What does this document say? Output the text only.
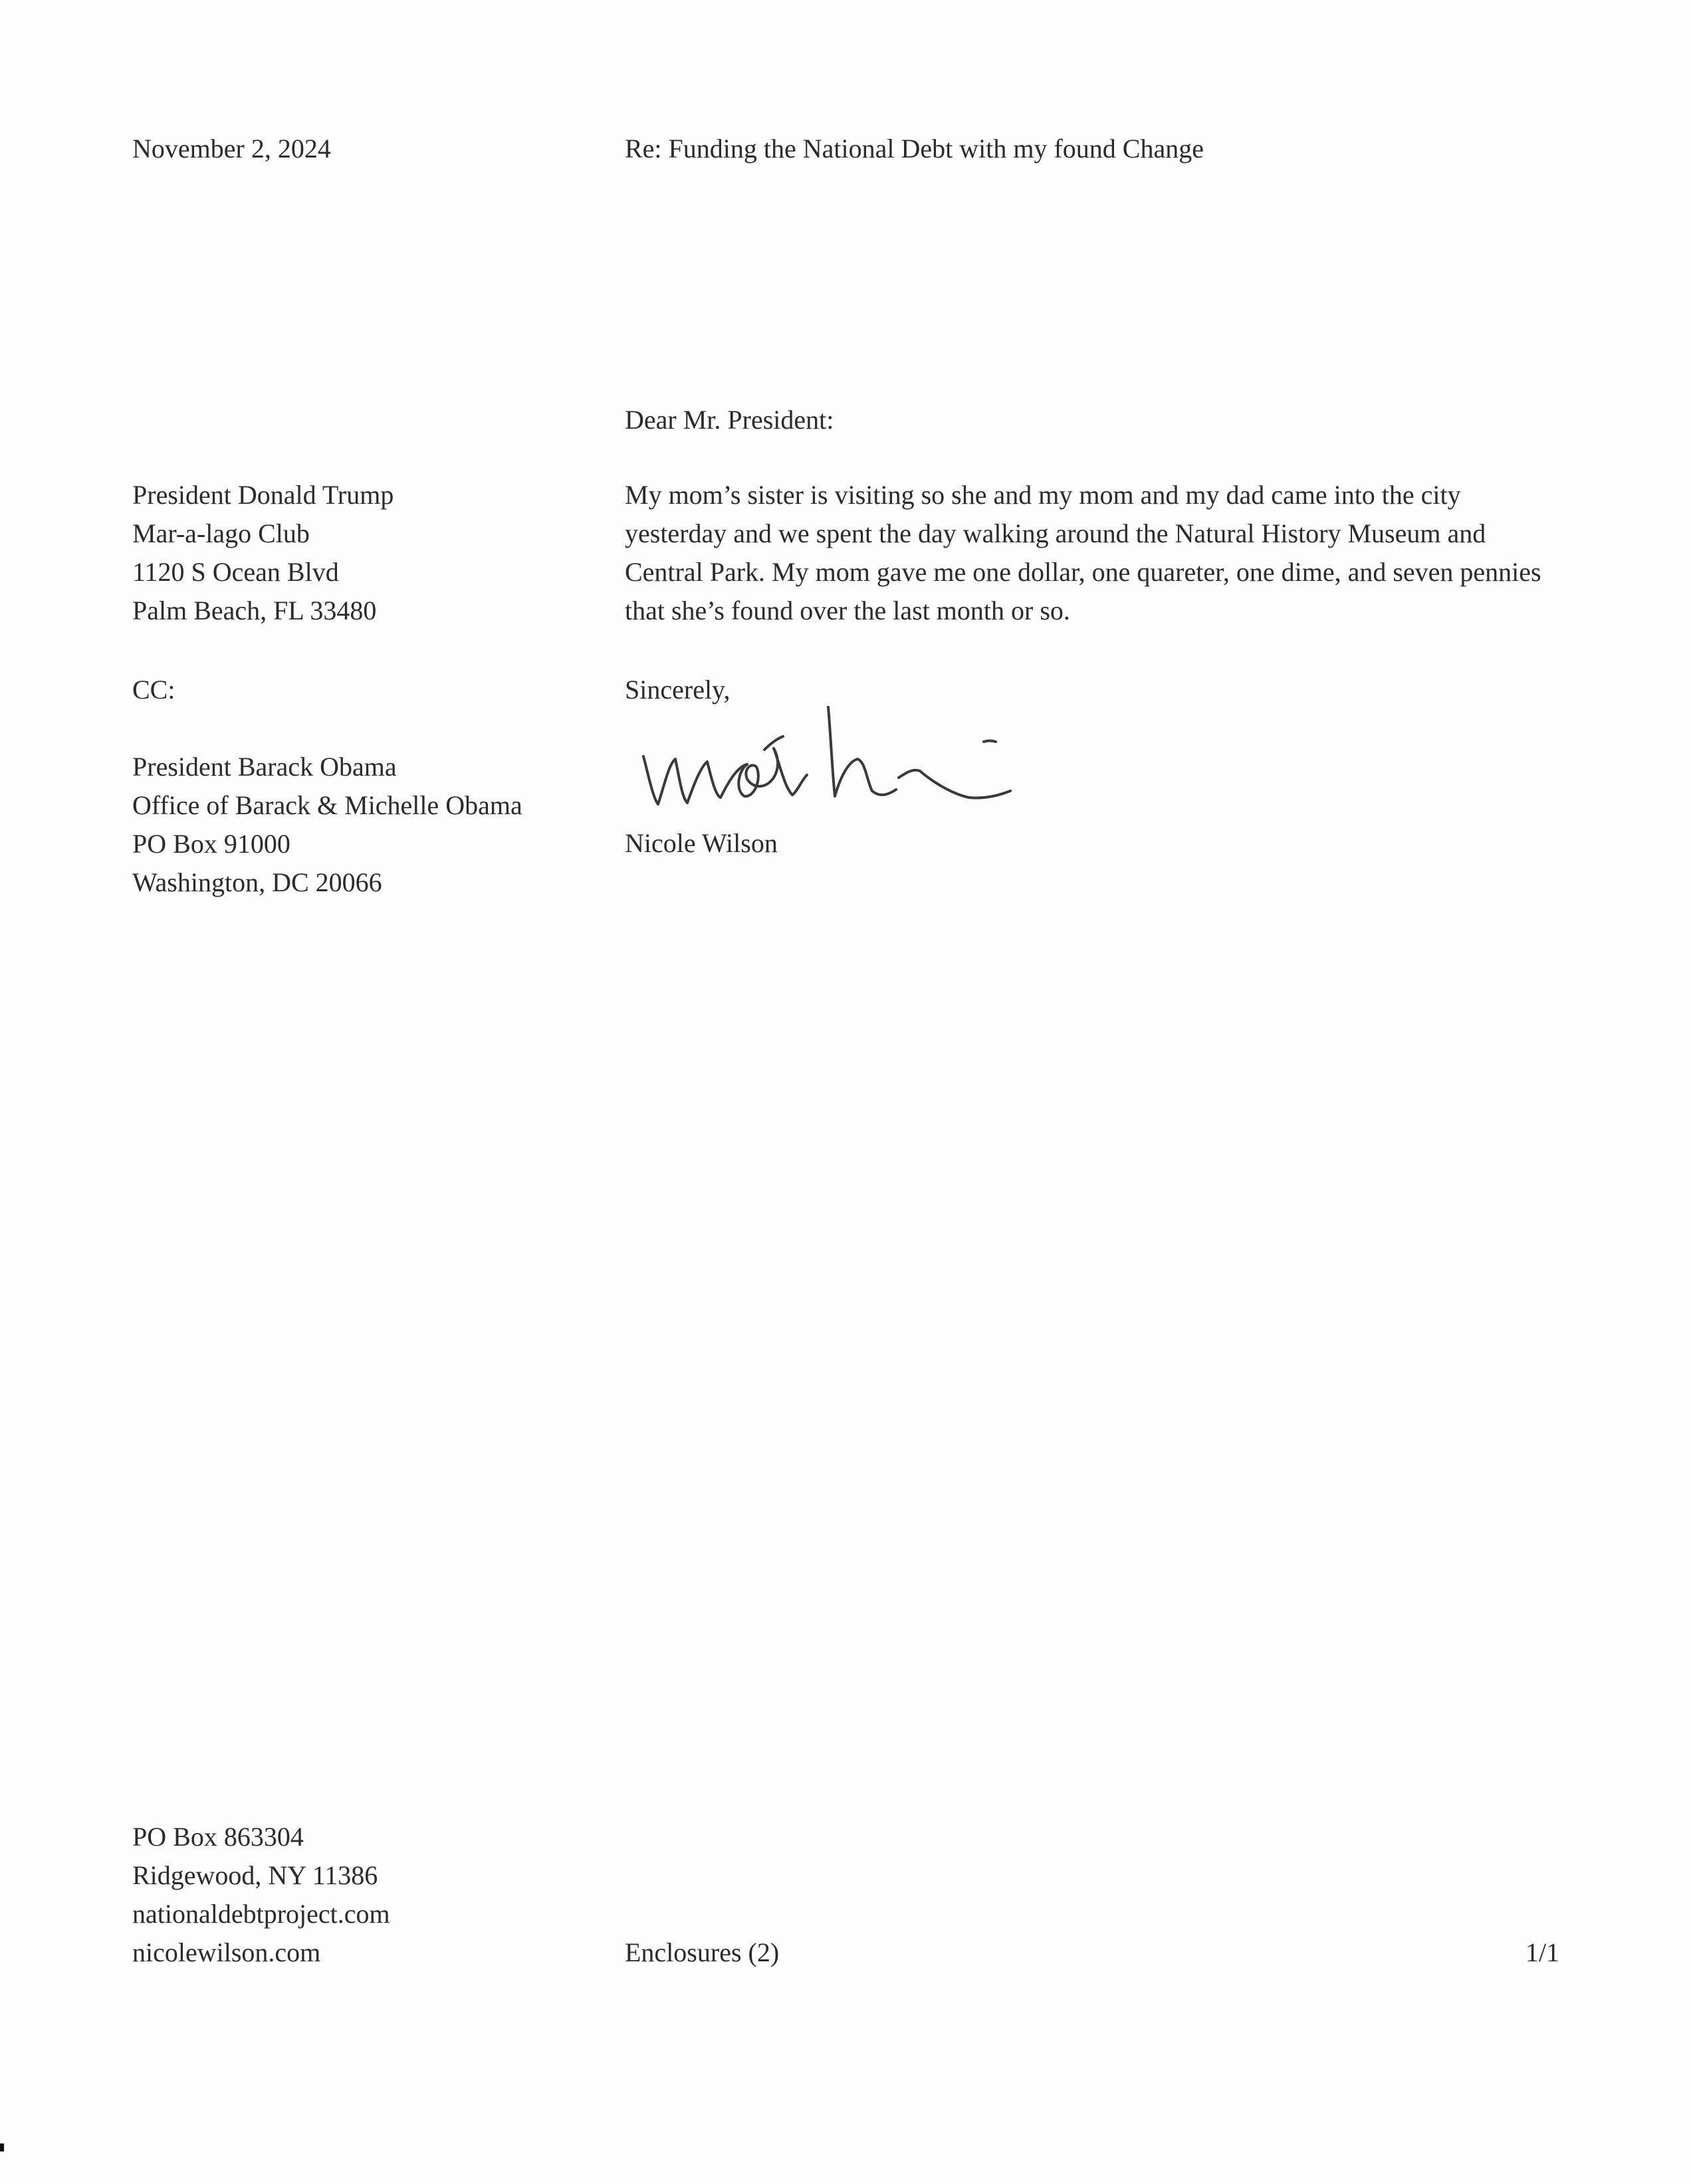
November 2, 2024	Re: Funding the National Debt with my found Change
Dear Mr. President:
President Donald Trump
Mar-a-lago Club
1120 S Ocean Blvd
Palm Beach, FL 33480

My mom’s sister is visiting so she and my mom and my dad came into the city yesterday and we spent the day walking around the Natural History Museum and Central Park. My mom gave me one dollar, one quareter, one dime, and seven pennies that she’s found over the last month or so.

CC:	Sincerely,
President Barack Obama
Office of Barack & Michelle Obama
PO Box 91000
Washington, DC 20066
Nicole Wilson
PO Box 863304
Ridgewood, NY 11386
nationaldebtproject.com
nicolewilson.com	Enclosures (2)	1/1
